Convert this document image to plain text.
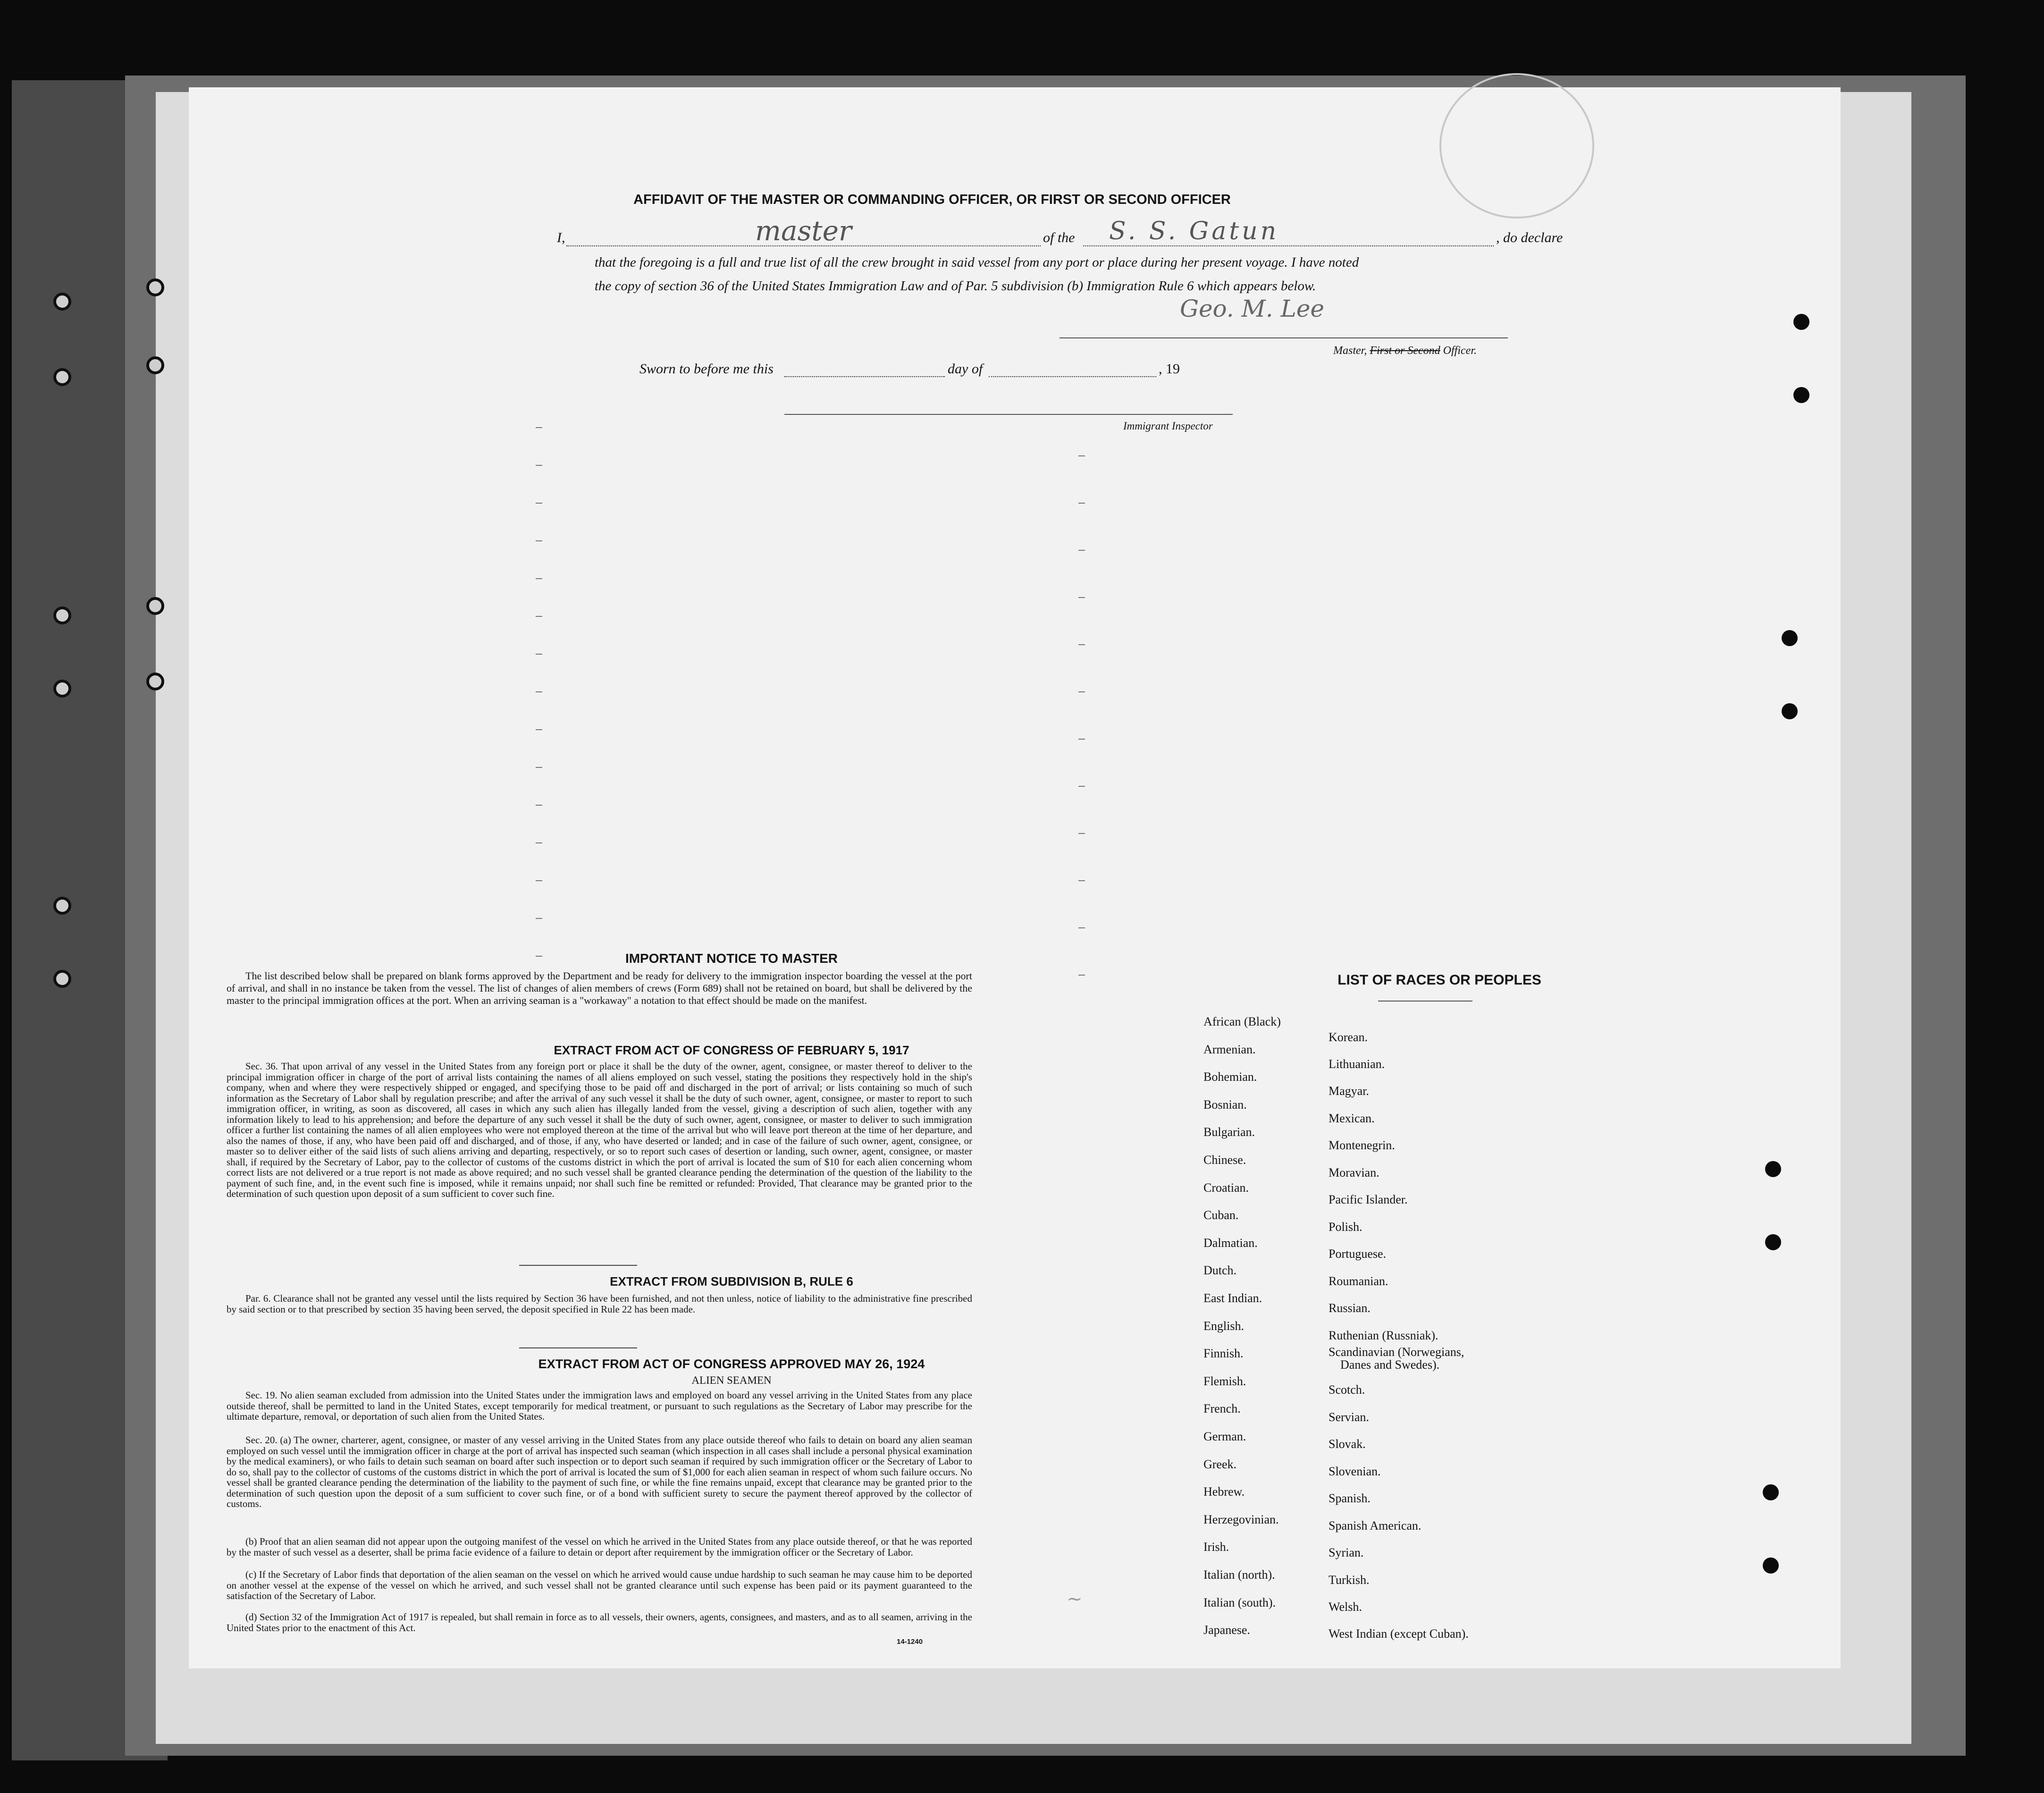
AFFIDAVIT OF THE MASTER OR COMMANDING OFFICER, OR FIRST OR SECOND OFFICER
I,	master	of the S. S. Gatun	, do declare
that the foregoing is a full and true list of all the crew brought in said vessel from any port or place during her present voyage. I have noted
the copy of section 36 of the United States Immigration Law and of Par. 5 subdivision (b) Immigration Rule 6 which appears below.
Geo. M. Lee
Master, First or Second Officer.
Sworn to before me this	day of	, 19
Immigrant Inspector
IMPORTANT NOTICE TO MASTER
The list described below shall be prepared on blank forms approved by the Department and be ready for delivery to the immigration inspector boarding the vessel at the port of arrival, and shall in no instance be taken from the vessel. The list of changes of alien members of crews (Form 689) shall not be retained on board, but shall be delivered by the master to the principal immigration offices at the port. When an arriving seaman is a "workaway" a notation to that effect should be made on the manifest.
EXTRACT FROM ACT OF CONGRESS OF FEBRUARY 5, 1917
Sec. 36. That upon arrival of any vessel in the United States from any foreign port or place it shall be the duty of the owner, agent, consignee, or master thereof to deliver to the principal immigration officer in charge of the port of arrival lists containing the names of all aliens employed on such vessel, stating the positions they respectively hold in the ship's company, when and where they were respectively shipped or engaged, and specifying those to be paid off and discharged in the port of arrival; or lists containing so much of such information as the Secretary of Labor shall by regulation prescribe; and after the arrival of any such vessel it shall be the duty of such owner, agent, consignee, or master to report to such immigration officer, in writing, as soon as discovered, all cases in which any such alien has illegally landed from the vessel, giving a description of such alien, together with any information likely to lead to his apprehension; and before the departure of any such vessel it shall be the duty of such owner, agent, consignee, or master to deliver to such immigration officer a further list containing the names of all alien employees who were not employed thereon at the time of the arrival but who will leave port thereon at the time of her departure, and also the names of those, if any, who have been paid off and discharged, and of those, if any, who have deserted or landed; and in case of the failure of such owner, agent, consignee, or master so to deliver either of the said lists of such aliens arriving and departing, respectively, or so to report such cases of desertion or landing, such owner, agent, consignee, or master shall, if required by the Secretary of Labor, pay to the collector of customs of the customs district in which the port of arrival is located the sum of $10 for each alien concerning whom correct lists are not delivered or a true report is not made as above required; and no such vessel shall be granted clearance pending the determination of the question of the liability to the payment of such fine, and, in the event such fine is imposed, while it remains unpaid; nor shall such fine be remitted or refunded: Provided, That clearance may be granted prior to the determination of such question upon deposit of a sum sufficient to cover such fine.
EXTRACT FROM SUBDIVISION B, RULE 6
Par. 6. Clearance shall not be granted any vessel until the lists required by Section 36 have been furnished, and not then unless, notice of liability to the administrative fine prescribed by said section or to that prescribed by section 35 having been served, the deposit specified in Rule 22 has been made.
EXTRACT FROM ACT OF CONGRESS APPROVED MAY 26, 1924
ALIEN SEAMEN
Sec. 19. No alien seaman excluded from admission into the United States under the immigration laws and employed on board any vessel arriving in the United States from any place outside thereof, shall be permitted to land in the United States, except temporarily for medical treatment, or pursuant to such regulations as the Secretary of Labor may prescribe for the ultimate departure, removal, or deportation of such alien from the United States.
Sec. 20. (a) The owner, charterer, agent, consignee, or master of any vessel arriving in the United States from any place outside thereof who fails to detain on board any alien seaman employed on such vessel until the immigration officer in charge at the port of arrival has inspected such seaman (which inspection in all cases shall include a personal physical examination by the medical examiners), or who fails to detain such seaman on board after such inspection or to deport such seaman if required by such immigration officer or the Secretary of Labor to do so, shall pay to the collector of customs of the customs district in which the port of arrival is located the sum of $1,000 for each alien seaman in respect of whom such failure occurs. No vessel shall be granted clearance pending the determination of the liability to the payment of such fine, or while the fine remains unpaid, except that clearance may be granted prior to the determination of such question upon the deposit of a sum sufficient to cover such fine, or of a bond with sufficient surety to secure the payment thereof approved by the collector of customs.
(b) Proof that an alien seaman did not appear upon the outgoing manifest of the vessel on which he arrived in the United States from any place outside thereof, or that he was reported by the master of such vessel as a deserter, shall be prima facie evidence of a failure to detain or deport after requirement by the immigration officer or the Secretary of Labor.
(c) If the Secretary of Labor finds that deportation of the alien seaman on the vessel on which he arrived would cause undue hardship to such seaman he may cause him to be deported on another vessel at the expense of the vessel on which he arrived, and such vessel shall not be granted clearance until such expense has been paid or its payment guaranteed to the satisfaction of the Secretary of Labor.
(d) Section 32 of the Immigration Act of 1917 is repealed, but shall remain in force as to all vessels, their owners, agents, consignees, and masters, and as to all seamen, arriving in the United States prior to the enactment of this Act.
14-1240
LIST OF RACES OR PEOPLES
African (Black)
Armenian.
Bohemian.
Bosnian.
Bulgarian.
Chinese.
Croatian.
Cuban.
Dalmatian.
Dutch.
East Indian.
English.
Finnish.
Flemish.
French.
German.
Greek.
Hebrew.
Herzegovinian.
Irish.
Italian (north).
Italian (south).
Japanese.
Korean.
Lithuanian.
Magyar.
Mexican.
Montenegrin.
Moravian.
Pacific Islander.
Polish.
Portuguese.
Roumanian.
Russian.
Ruthenian (Russniak).
Scandinavian (Norwegians,
Danes and Swedes).
Scotch.
Servian.
Slovak.
Slovenian.
Spanish.
Spanish American.
Syrian.
Turkish.
Welsh.
West Indian (except Cuban).
~
